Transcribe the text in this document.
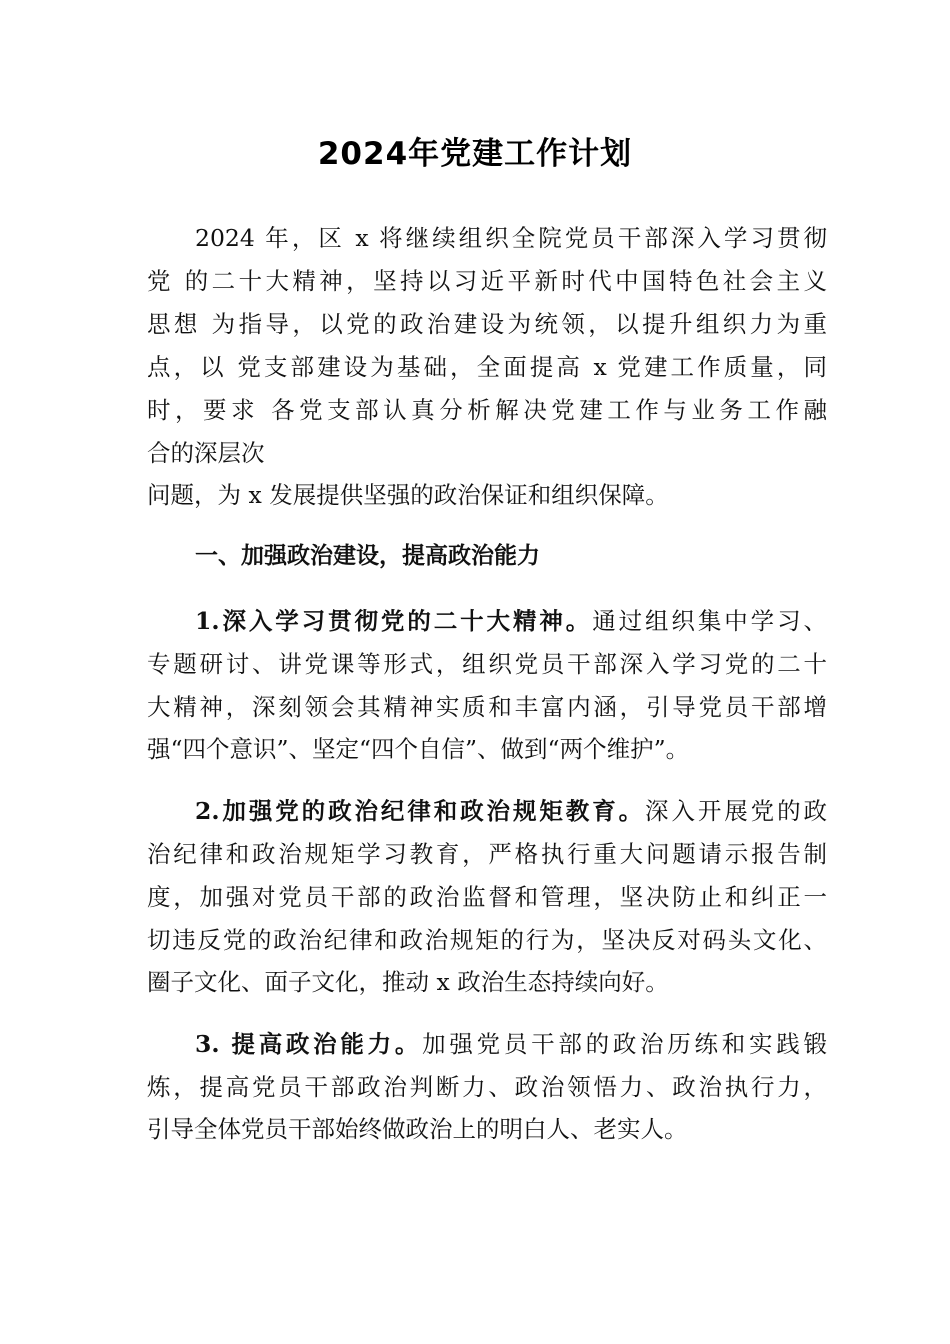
2024年党建工作计划
2024 年，区 x 将继续组织全院党员干部深入学习贯彻
党 的二十大精神，坚持以习近平新时代中国特色社会主义
思想 为指导，以党的政治建设为统领，以提升组织力为重
点，以 党支部建设为基础，全面提高 x 党建工作质量，同
时，要求 各党支部认真分析解决党建工作与业务工作融
合的深层次
问题，为 x 发展提供坚强的政治保证和组织保障。
一、加强政治建设，提高政治能力
1.深入学习贯彻党的二十大精神。通过组织集中学习、
专题研讨、讲党课等形式，组织党员干部深入学习党的二十
大精神，深刻领会其精神实质和丰富内涵，引导党员干部增
强“四个意识”、坚定“四个自信”、做到“两个维护”。
2.加强党的政治纪律和政治规矩教育。深入开展党的政
治纪律和政治规矩学习教育，严格执行重大问题请示报告制
度，加强对党员干部的政治监督和管理，坚决防止和纠正一
切违反党的政治纪律和政治规矩的行为，坚决反对码头文化、
圈子文化、面子文化，推动 x 政治生态持续向好。
3. 提高政治能力。加强党员干部的政治历练和实践锻
炼，提高党员干部政治判断力、政治领悟力、政治执行力，
引导全体党员干部始终做政治上的明白人、老实人。
